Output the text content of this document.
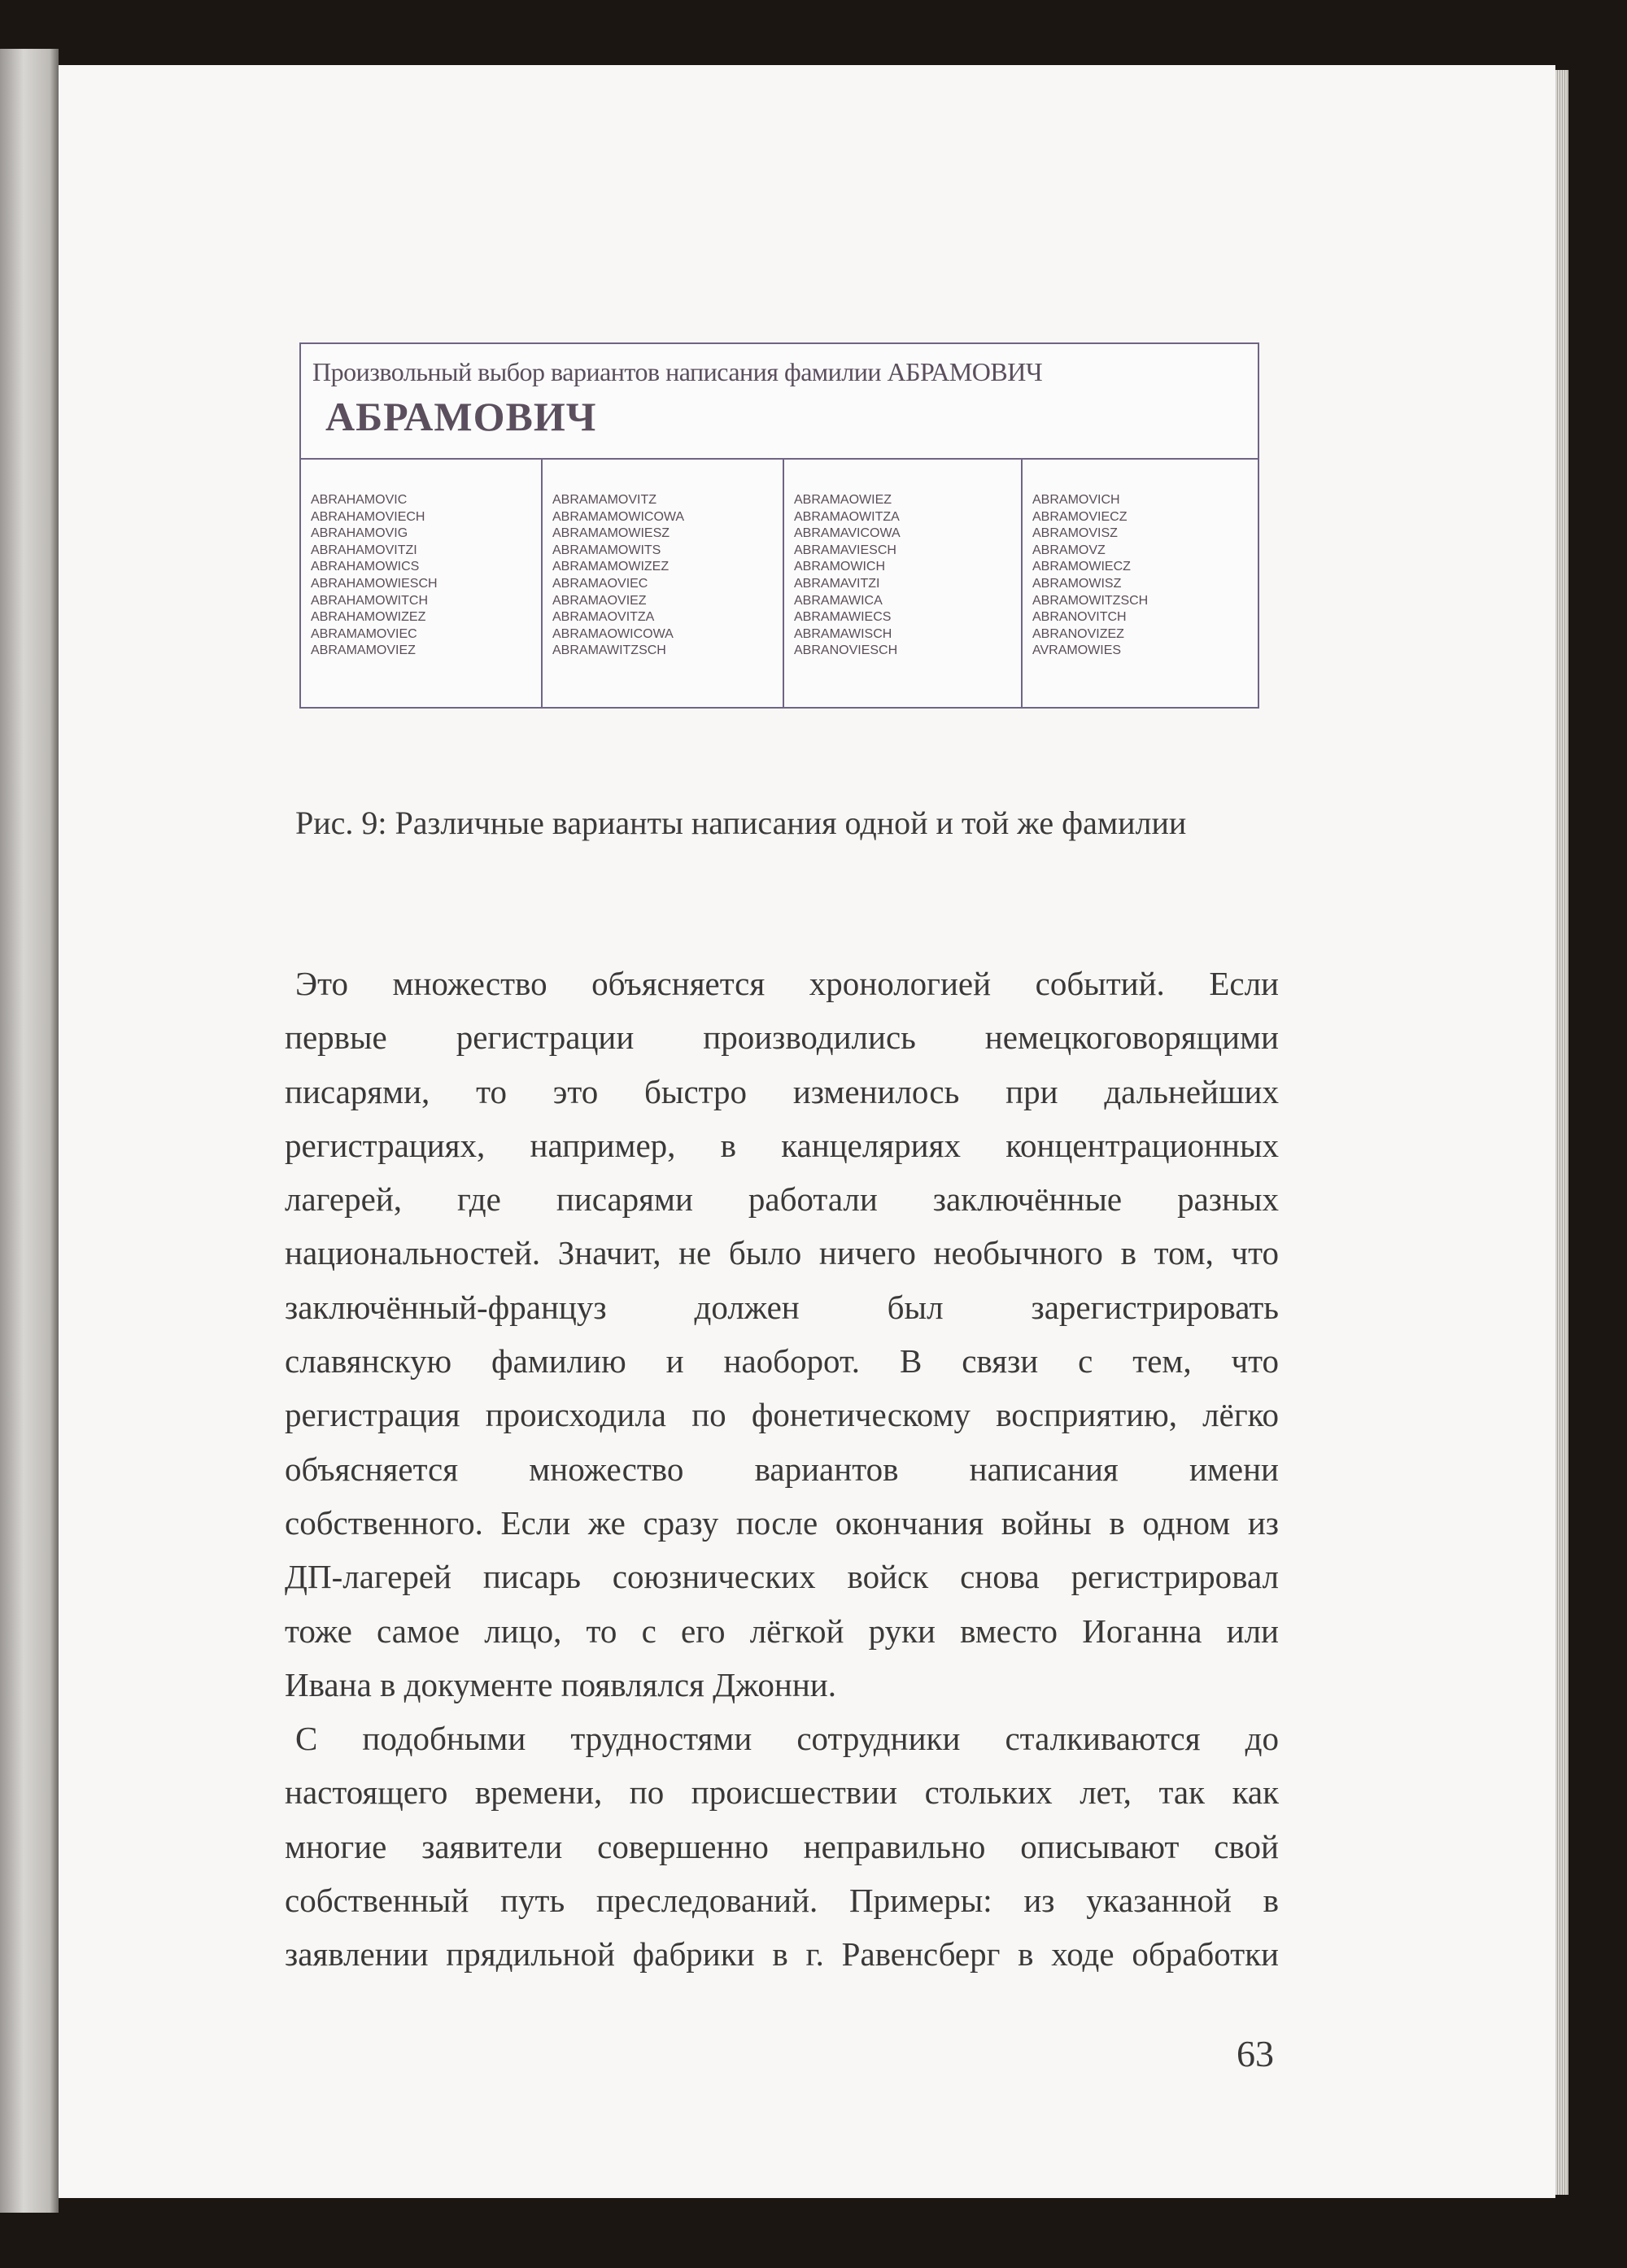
Произвольный выбор вариантов написания фамилии АБРАМОВИЧ
АБРАМОВИЧ
ABRAHAMOVIC
ABRAHAMOVIECH
ABRAHAMOVIG
ABRAHAMOVITZI
ABRAHAMOWICS
ABRAHAMOWIESCH
ABRAHAMOWITCH
ABRAHAMOWIZEZ
ABRAMAMOVIEC
ABRAMAMOVIEZ
ABRAMAMOVITZ
ABRAMAMOWICOWA
ABRAMAMOWIESZ
ABRAMAMOWITS
ABRAMAMOWIZEZ
ABRAMAOVIEC
ABRAMAOVIEZ
ABRAMAOVITZA
ABRAMAOWICOWA
ABRAMAWITZSCH
ABRAMAOWIEZ
ABRAMAOWITZA
ABRAMAVICOWA
ABRAMAVIESCH
ABRAMOWICH
ABRAMAVITZI
ABRAMAWICA
ABRAMAWIECS
ABRAMAWISCH
ABRANOVIESCH
ABRAMOVICH
ABRAMOVIECZ
ABRAMOVISZ
ABRAMOVZ
ABRAMOWIECZ
ABRAMOWISZ
ABRAMOWITZSCH
ABRANOVITCH
ABRANOVIZEZ
AVRAMOWIES
Рис. 9: Различные варианты написания одной и той же фамилии
Это множество объясняется хронологией событий. Если
первые регистрации производились немецкоговорящими
писарями, то это быстро изменилось при дальнейших
регистрациях, например, в канцеляриях концентрационных
лагерей, где писарями работали заключённые разных
национальностей. Значит, не было ничего необычного в том, что
заключённый-француз должен был зарегистрировать
славянскую фамилию и наоборот. В связи с тем, что
регистрация происходила по фонетическому восприятию, лёгко
объясняется множество вариантов написания имени
собственного. Если же сразу после окончания войны в одном из
ДП-лагерей писарь союзнических войск снова регистрировал
тоже самое лицо, то с его лёгкой руки вместо Иоганна или
Ивана в документе появлялся Джонни.
С подобными трудностями сотрудники сталкиваются до
настоящего времени, по происшествии стольких лет, так как
многие заявители совершенно неправильно описывают свой
собственный путь преследований. Примеры: из указанной в
заявлении прядильной фабрики в г. Равенсберг в ходе обработки
63
